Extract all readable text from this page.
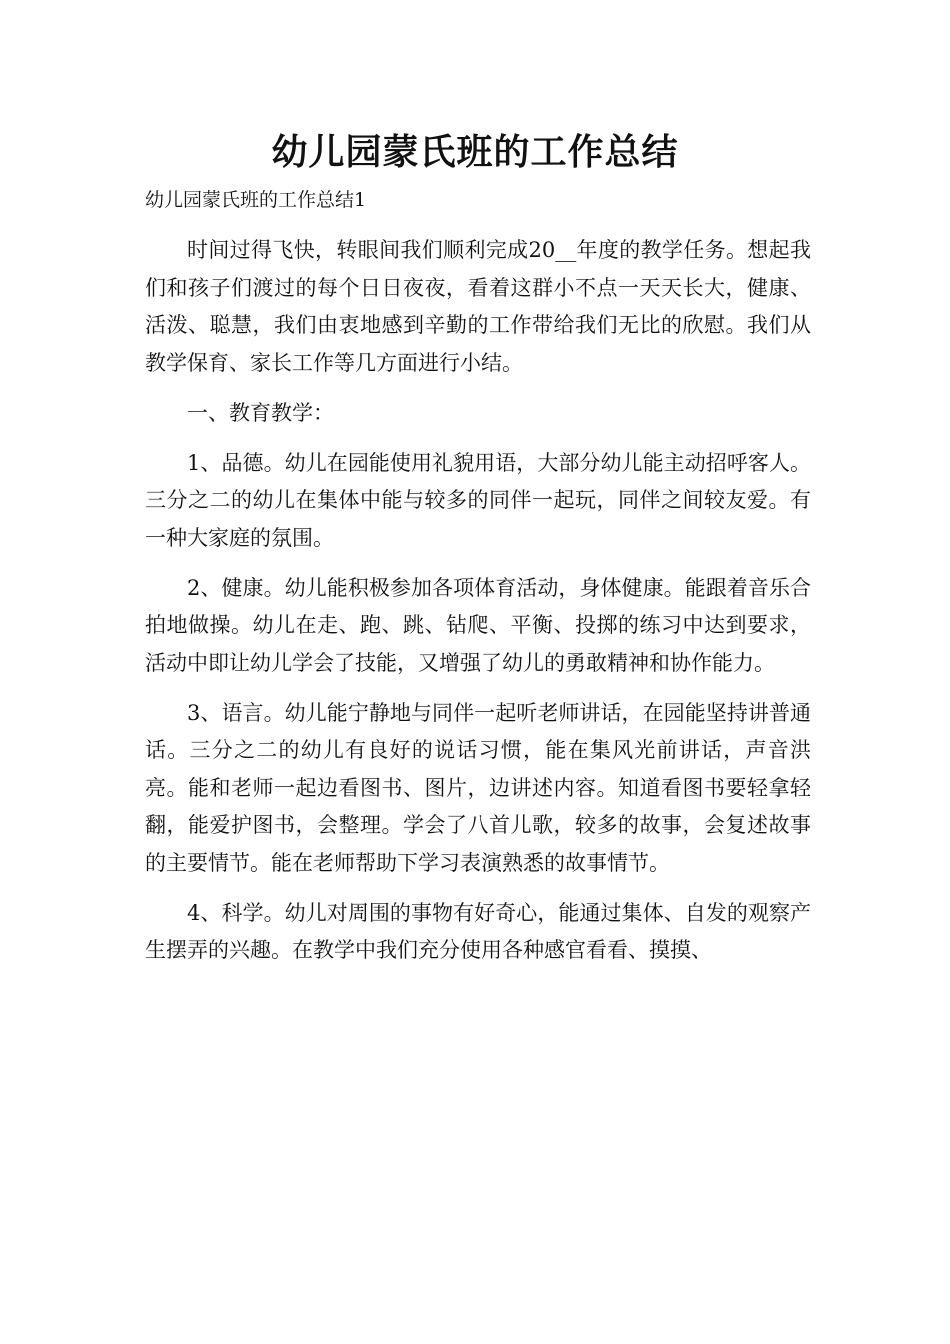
幼儿园蒙氏班的工作总结
幼儿园蒙氏班的工作总结1

时间过得飞快，转眼间我们顺利完成20__年度的教学任务。想起我们和孩子们渡过的每个日日夜夜，看着这群小不点一天天长大，健康、活泼、聪慧，我们由衷地感到辛勤的工作带给我们无比的欣慰。我们从教学保育、家长工作等几方面进行小结。

一、教育教学：

1、品德。幼儿在园能使用礼貌用语，大部分幼儿能主动招呼客人。三分之二的幼儿在集体中能与较多的同伴一起玩，同伴之间较友爱。有一种大家庭的氛围。

2、健康。幼儿能积极参加各项体育活动，身体健康。能跟着音乐合拍地做操。幼儿在走、跑、跳、钻爬、平衡、投掷的练习中达到要求，活动中即让幼儿学会了技能，又增强了幼儿的勇敢精神和协作能力。

3、语言。幼儿能宁静地与同伴一起听老师讲话，在园能坚持讲普通话。三分之二的幼儿有良好的说话习惯，能在集风光前讲话，声音洪亮。能和老师一起边看图书、图片，边讲述内容。知道看图书要轻拿轻翻，能爱护图书，会整理。学会了八首儿歌，较多的故事，会复述故事的主要情节。能在老师帮助下学习表演熟悉的故事情节。

4、科学。幼儿对周围的事物有好奇心，能通过集体、自发的观察产生摆弄的兴趣。在教学中我们充分使用各种感官看看、摸摸、
